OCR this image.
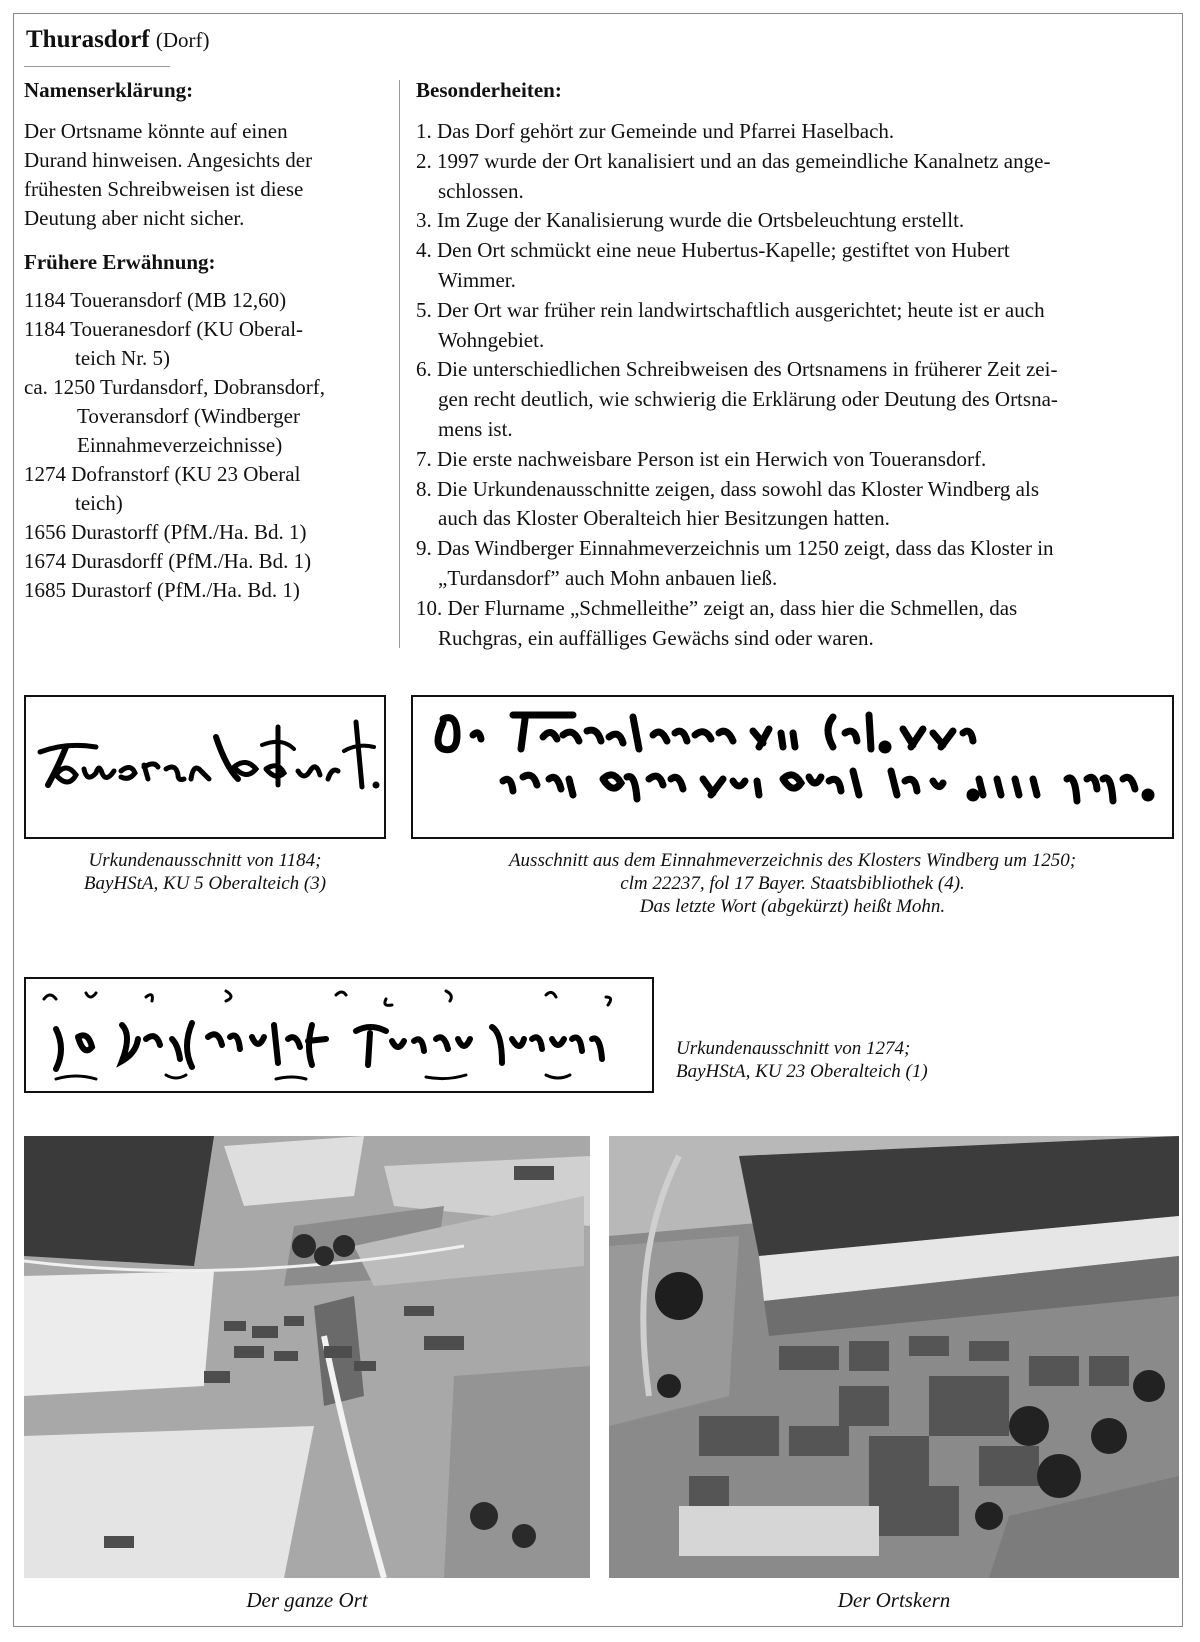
Thurasdorf (Dorf)
Namenserklärung:
Der Ortsname könnte auf einen
Durand hinweisen. Angesichts der
frühesten Schreibweisen ist diese
Deutung aber nicht sicher.
Frühere Erwähnung:
1184 Toueransdorf (MB 12,60)
1184 Toueranesdorf (KU Oberal-
teich Nr. 5)
ca. 1250 Turdansdorf, Dobransdorf,
Toveransdorf (Windberger
Einnahmeverzeichnisse)
1274 Dofranstorf (KU 23 Oberal
teich)
1656 Durastorff (PfM./Ha. Bd. 1)
1674 Durasdorff (PfM./Ha. Bd. 1)
1685 Durastorf (PfM./Ha. Bd. 1)
Besonderheiten:
1. Das Dorf gehört zur Gemeinde und Pfarrei Haselbach.
2. 1997 wurde der Ort kanalisiert und an das gemeindliche Kanalnetz ange-
schlossen.
3. Im Zuge der Kanalisierung wurde die Ortsbeleuchtung erstellt.
4. Den Ort schmückt eine neue Hubertus-Kapelle; gestiftet von Hubert
Wimmer.
5. Der Ort war früher rein landwirtschaftlich ausgerichtet; heute ist er auch
Wohngebiet.
6. Die unterschiedlichen Schreibweisen des Ortsnamens in früherer Zeit zei-
gen recht deutlich, wie schwierig die Erklärung oder Deutung des Ortsna-
mens ist.
7. Die erste nachweisbare Person ist ein Herwich von Toueransdorf.
8. Die Urkundenausschnitte zeigen, dass sowohl das Kloster Windberg als
auch das Kloster Oberalteich hier Besitzungen hatten.
9. Das Windberger Einnahmeverzeichnis um 1250 zeigt, dass das Kloster in
„Turdansdorf” auch Mohn anbauen ließ.
10. Der Flurname „Schmelleithe” zeigt an, dass hier die Schmellen, das
Ruchgras, ein auffälliges Gewächs sind oder waren.
Urkundenausschnitt von 1184;
BayHStA, KU 5 Oberalteich (3)
Ausschnitt aus dem Einnahmeverzeichnis des Klosters Windberg um 1250;
clm 22237, fol 17 Bayer. Staatsbibliothek (4).
Das letzte Wort (abgekürzt) heißt Mohn.
Urkundenausschnitt von 1274;
BayHStA, KU 23 Oberalteich (1)
Der ganze Ort	Der Ortskern
